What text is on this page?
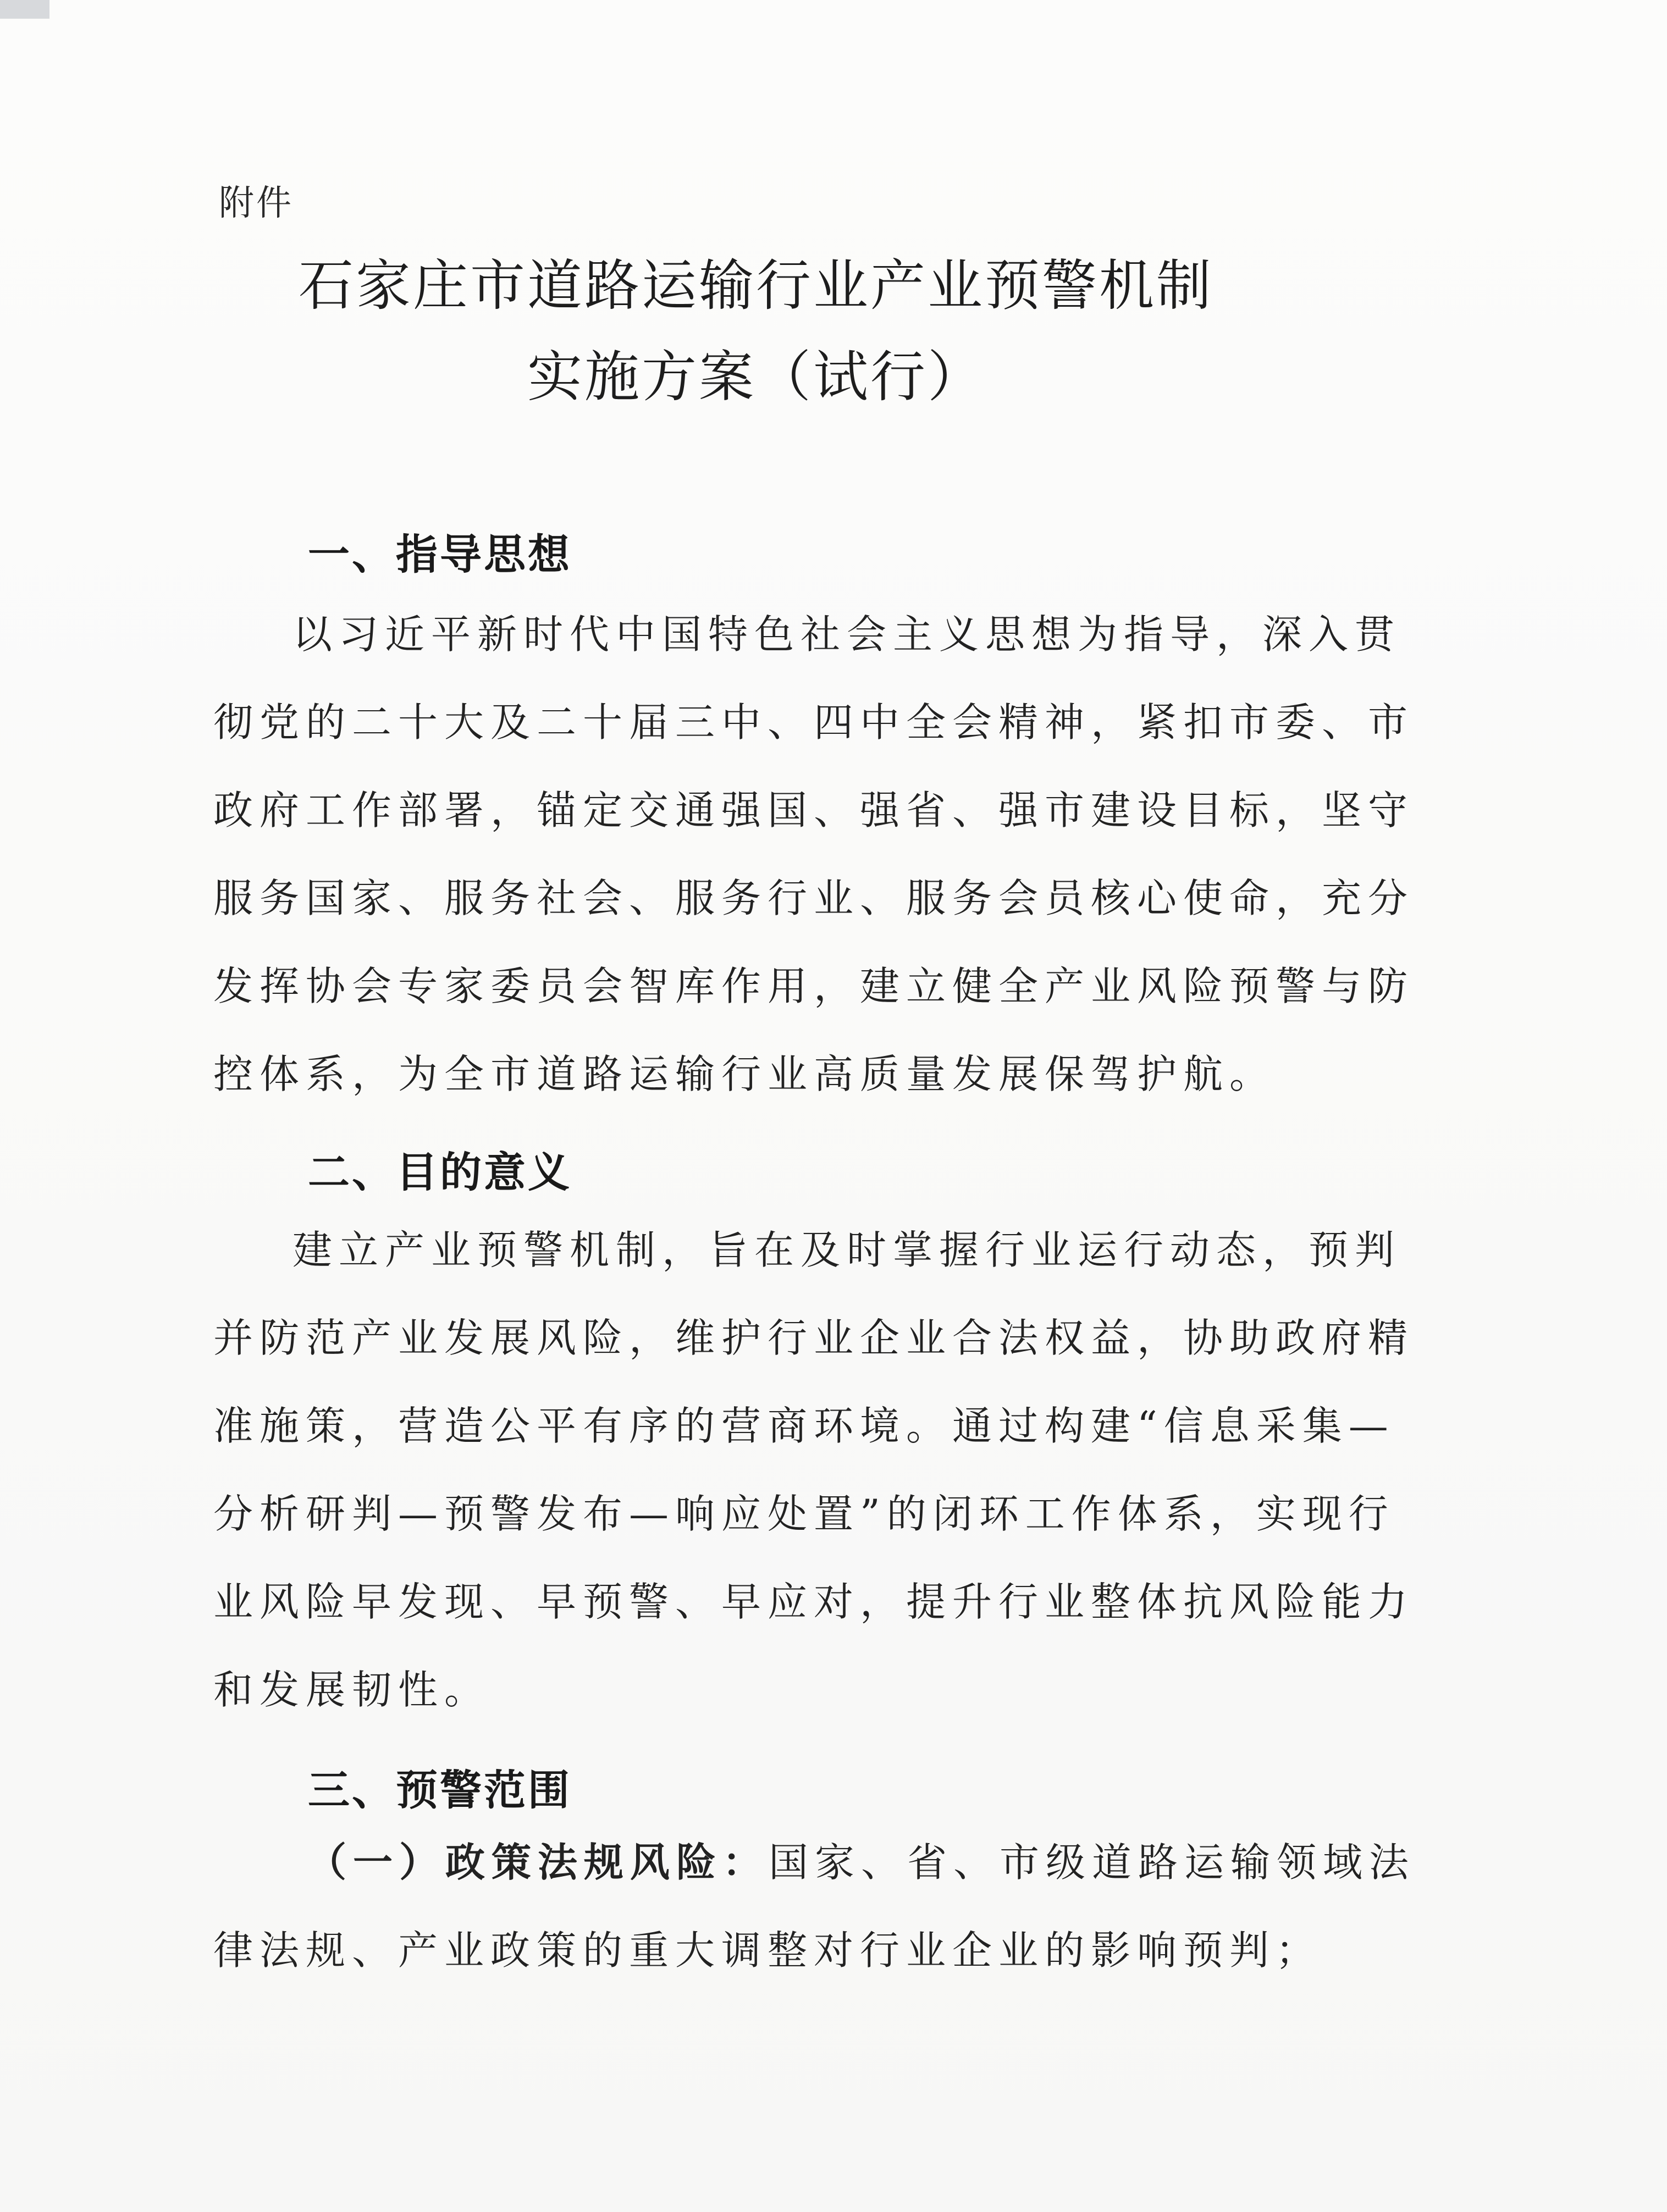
附件
石家庄市道路运输行业产业预警机制
实施方案（试行）
一、指导思想
以习近平新时代中国特色社会主义思想为指导，深入贯
彻党的二十大及二十届三中、四中全会精神，紧扣市委、市
政府工作部署，锚定交通强国、强省、强市建设目标，坚守
服务国家、服务社会、服务行业、服务会员核心使命，充分
发挥协会专家委员会智库作用，建立健全产业风险预警与防
控体系，为全市道路运输行业高质量发展保驾护航。
二、目的意义
建立产业预警机制，旨在及时掌握行业运行动态，预判
并防范产业发展风险，维护行业企业合法权益，协助政府精
准施策，营造公平有序的营商环境。通过构建“信息采集—
分析研判—预警发布—响应处置”的闭环工作体系，实现行
业风险早发现、早预警、早应对，提升行业整体抗风险能力
和发展韧性。
三、预警范围
（一）政策法规风险：国家、省、市级道路运输领域法
律法规、产业政策的重大调整对行业企业的影响预判；
